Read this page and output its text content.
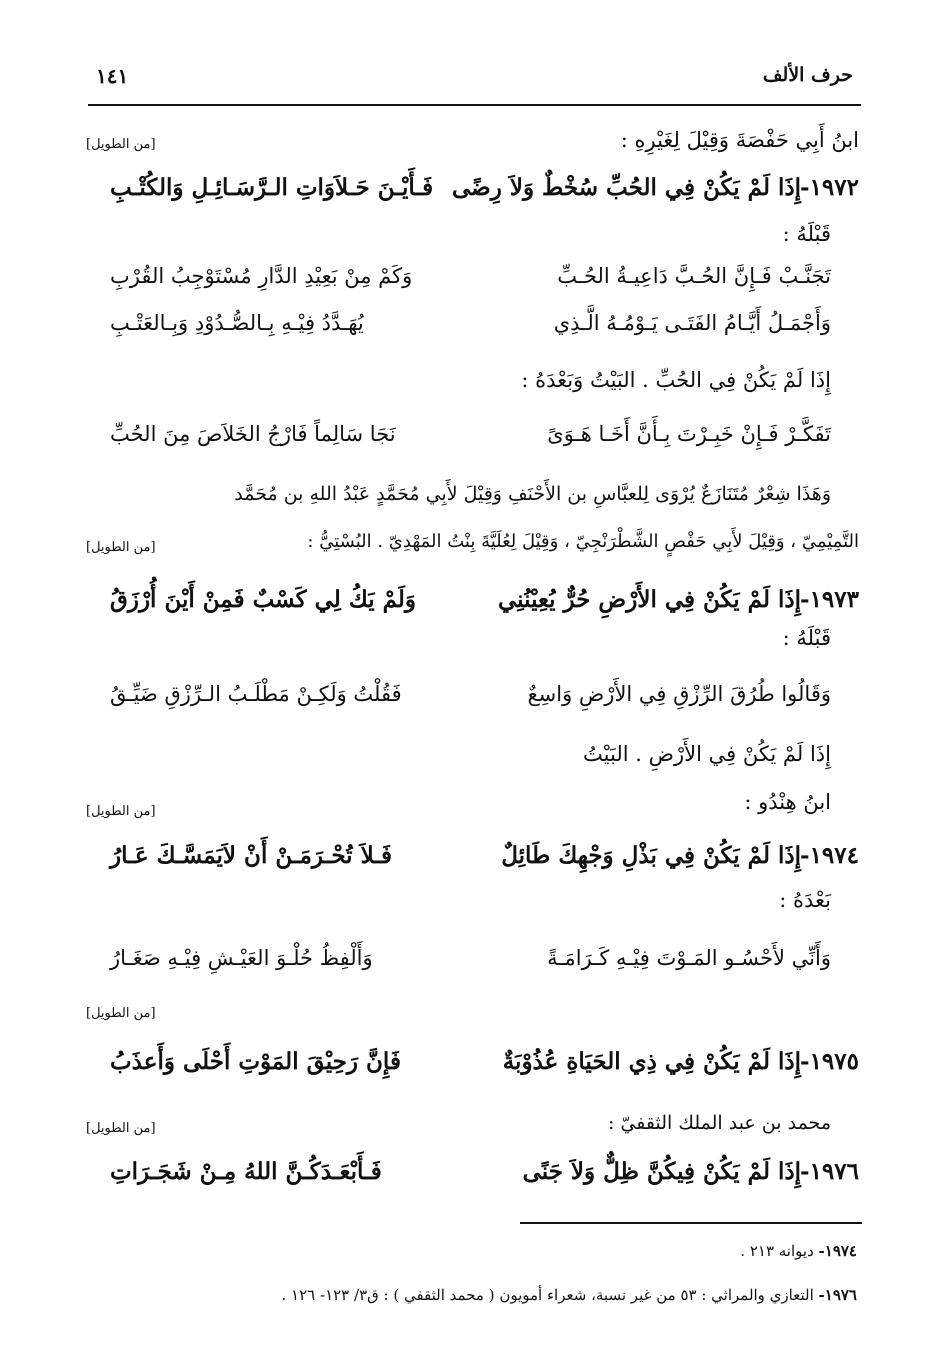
حرف الألف
١٤١
ابنُ أَبِي حَفْصَةَ وَقِيْلَ لِغَيْرِهِ :
[من الطويل]
١٩٧٢-
إِذَا لَمْ يَكُنْ فِي الحُبِّ سُخْطٌ وَلاَ رِضًى
فَـأَيْـنَ حَـلاَوَاتِ الـرَّسَـائِـلِ وَالكُتْـبِ
قَبْلَهُ :
تَجَنَّـبْ فَـإِنَّ الحُـبَّ دَاعِيـةُ الحُـبِّ
وَكَمْ مِنْ بَعِيْدِ الدَّارِ مُسْتَوْجِبُ القُرْبِ
وَأَجْمَـلُ أَيَّـامُ الفَتَـى يَـوْمُـهُ الَّـذِي
يُهَـدَّدُ فِيْـهِ بِـالصُّـدُوْدِ وَبِـالعَتْـبِ
إِذَا لَمْ يَكُنْ فِي الحُبِّ . البَيْتُ وَبَعْدَهُ :
تَفَكَّـرْ فَـإِنْ خَبِـرْتَ بِـأَنَّ أَخَـا هَـوَىً
نَجَا سَالِماً فَارْجُ الخَلاَصَ مِنَ الحُبِّ
وَهَذَا شِعْرٌ مُتَنَازَعٌ يُرْوَى لِلعبَّاسِ بن الأَحْنَفِ وَقِيْلَ لأَبِي مُحَمَّدٍ عَبْدُ اللهِ بن مُحَمَّد
التَّمِيْمِيّ ، وَقِيْلَ لأَبِي حَفْصٍ الشَّطْرَنْجِيّ ، وَقِيْلَ لِعُلَيَّةَ بِنْتُ المَهْدِيّ . البُسْتِيُّ :
[من الطويل]
١٩٧٣-
إِذَا لَمْ يَكُنْ فِي الأَرْضِ حُرٌّ يُعِيْنُنِي
وَلَمْ يَكُ لِي كَسْبٌ فَمِنْ أَيْنَ أُرْزَقُ
قَبْلَهُ :
وَقَالُوا طُرُقَ الرِّزْقِ فِي الأَرْضِ وَاسِعٌ
فَقُلْتُ وَلَكِـنْ مَطْلَـبُ الـرِّزْقِ ضَيِّـقُ
إِذَا لَمْ يَكُنْ فِي الأَرْضِ . البَيْتُ
ابنُ هِنْدُو :
[من الطويل]
١٩٧٤-
إِذَا لَمْ يَكُنْ فِي بَذْلِ وَجْهِكَ طَائِلٌ
فَـلاَ تُحْـرَمَـنْ أَنْ لاَيَمَسَّـكَ عَـارُ
بَعْدَهُ :
وَأَنِّي لأَحْسُـو المَـوْتَ فِيْـهِ كَـرَامَـةً
وَأَلْفِظُ حُلْـوَ العَيْـشِ فِيْـهِ صَغَـارُ
[من الطويل]
١٩٧٥-
إِذَا لَمْ يَكُنْ فِي ذِي الحَيَاةِ عُذُوْبَةٌ
فَإِنَّ رَحِيْقَ المَوْتِ أَحْلَى وَأَعذَبُ
محمد بن عبد الملك الثقفيّ :
[من الطويل]
١٩٧٦-
إِذَا لَمْ يَكُنْ فِيكُنَّ ظِلٌّ وَلاَ جَنًى
فَـأَبْعَـدَكُـنَّ اللهُ مِـنْ شَجَـرَاتِ
١٩٧٤- ديوانه ٢١٣ .
١٩٧٦- التعازي والمراثي : ٥٣ من غير نسبة، شعراء أمويون ( محمد الثقفي ) : ق٣/ ١٢٣- ١٢٦ .
